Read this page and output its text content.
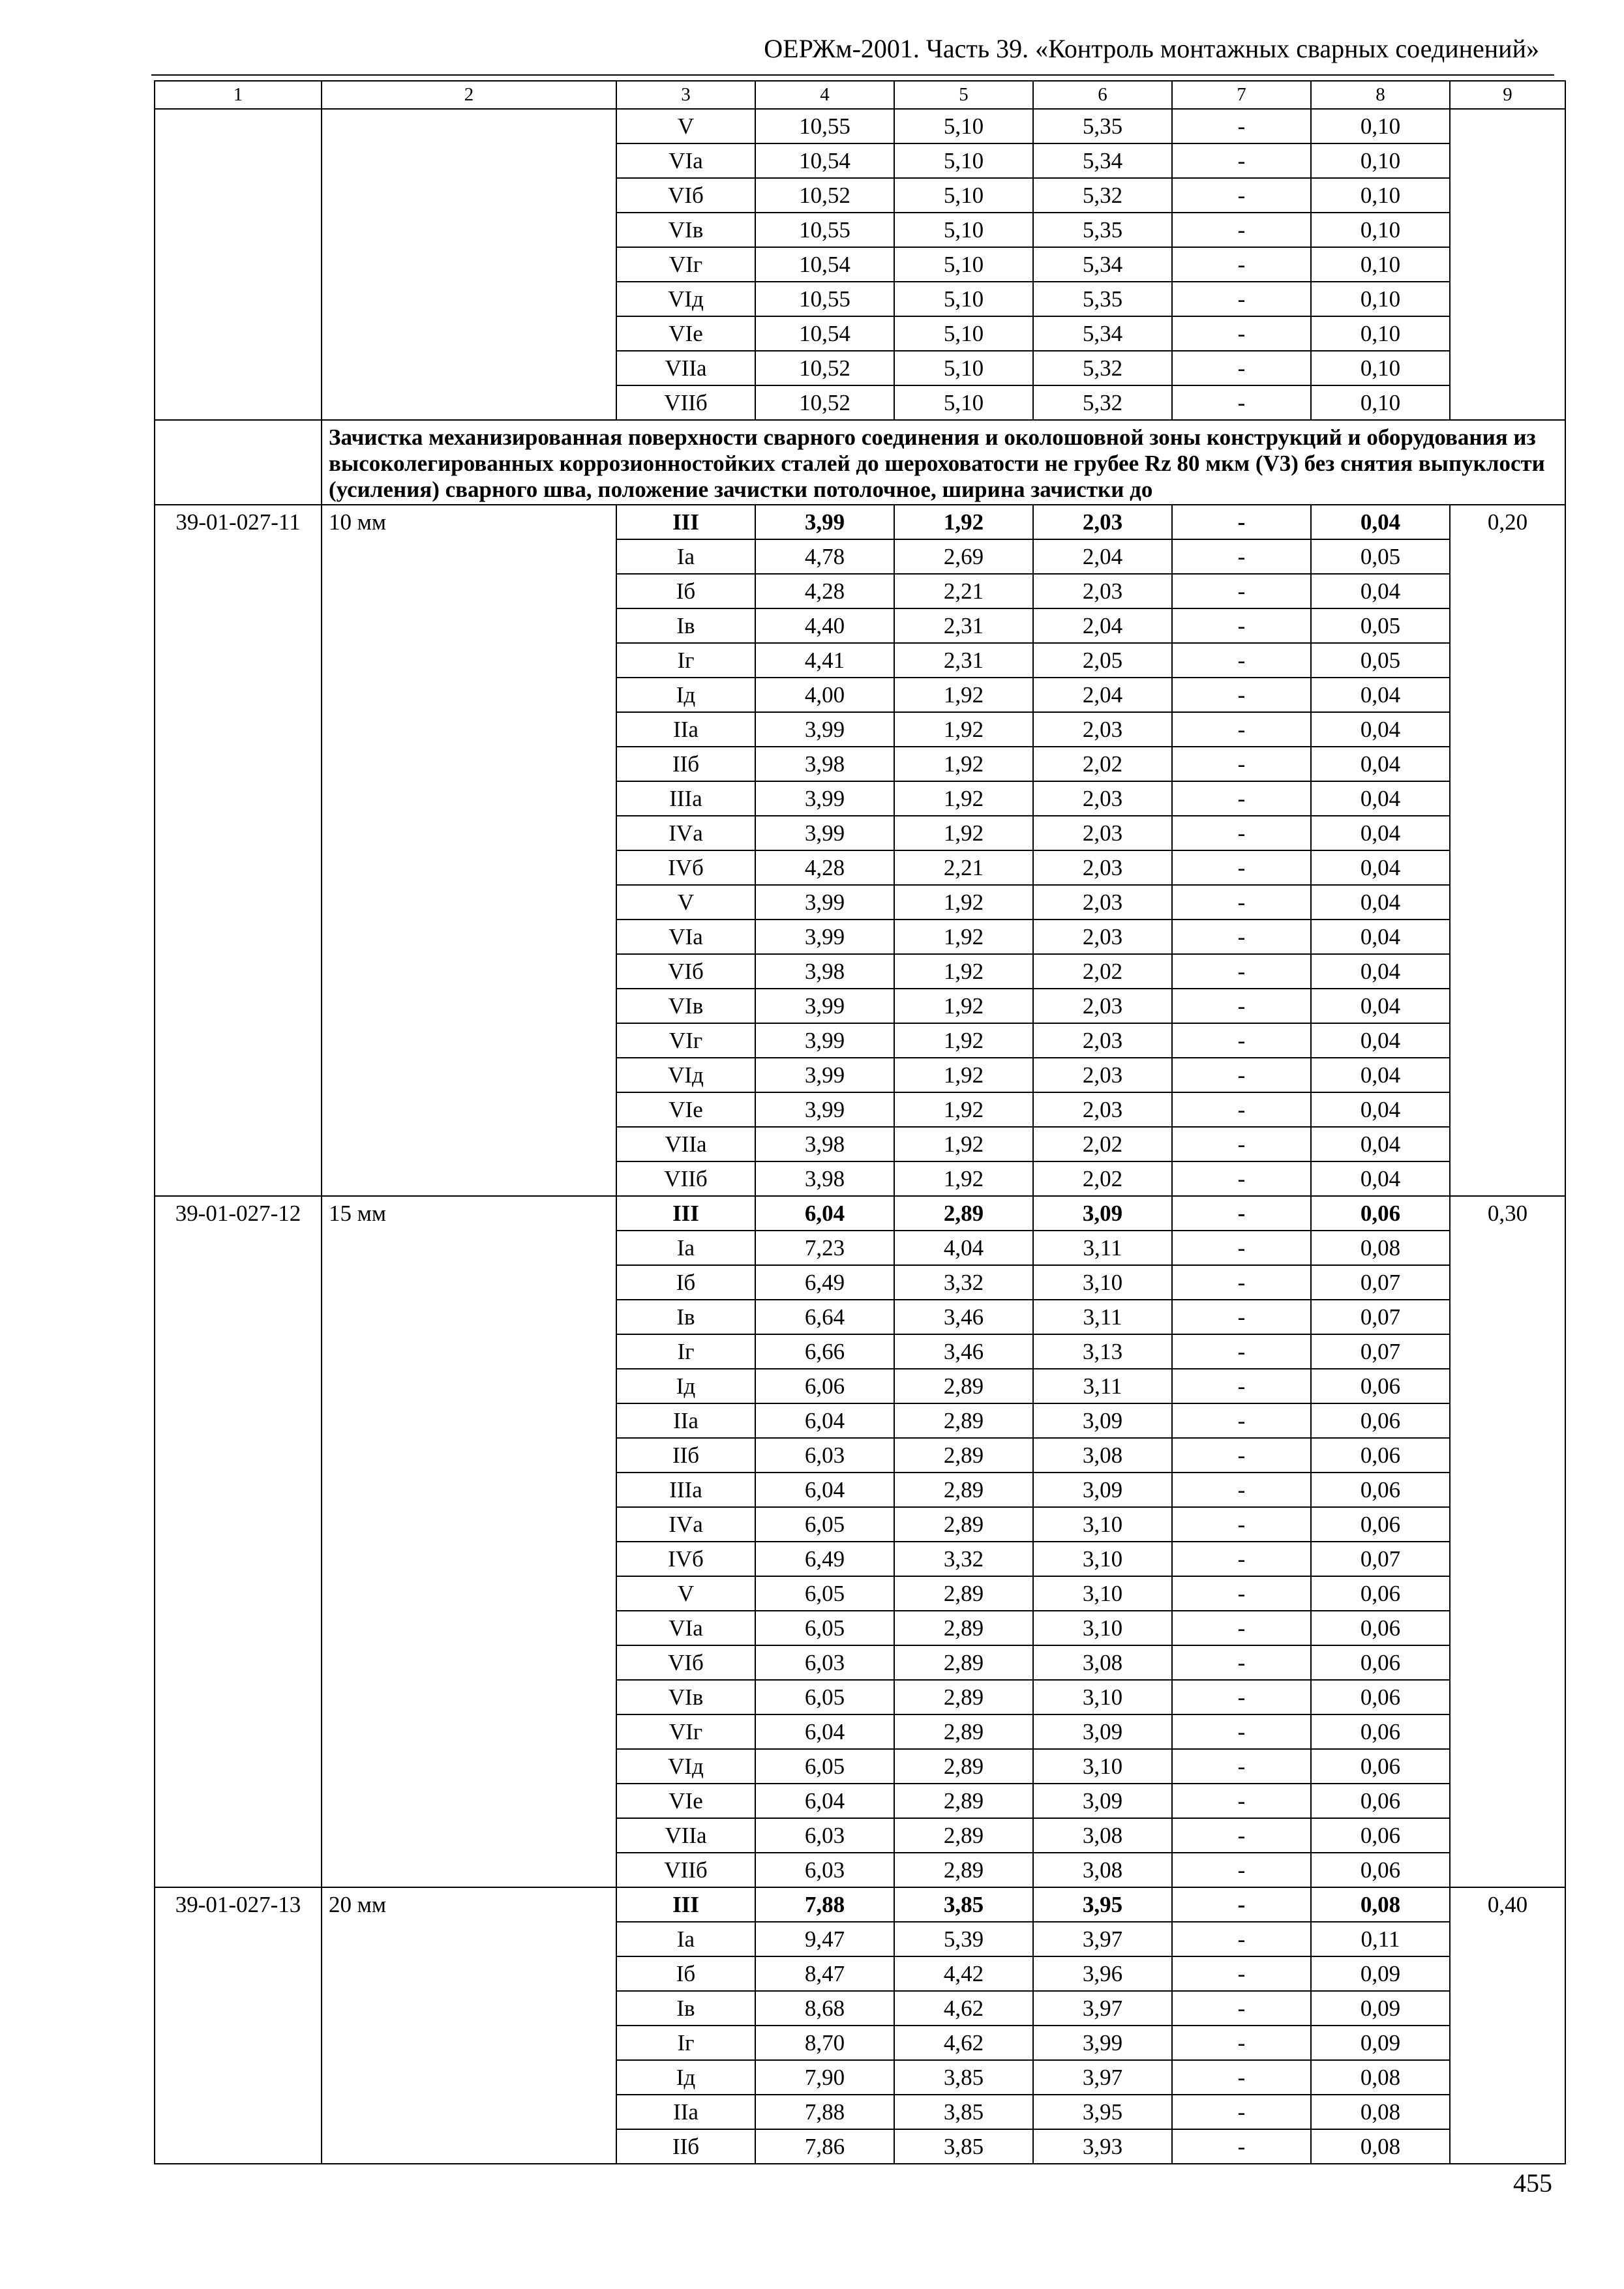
ОЕРЖм-2001. Часть 39. «Контроль монтажных сварных соединений»
1	2	3	4	5	6	7	8	9
		V	10,55	5,10	5,35	-	0,10	
		VIа	10,54	5,10	5,34	-	0,10	
		VIб	10,52	5,10	5,32	-	0,10	
		VIв	10,55	5,10	5,35	-	0,10	
		VIг	10,54	5,10	5,34	-	0,10	
		VIд	10,55	5,10	5,35	-	0,10	
		VIе	10,54	5,10	5,34	-	0,10	
		VIIа	10,52	5,10	5,32	-	0,10	
		VIIб	10,52	5,10	5,32	-	0,10	
	Зачистка механизированная поверхности сварного соединения и околошовной зоны конструкций и оборудования из высоколегированных коррозионностойких сталей до шероховатости не грубее Rz 80 мкм (V3) без снятия выпуклости (усиления) сварного шва, положение зачистки потолочное, ширина зачистки до							
39-01-027-11	10 мм	III	3,99	1,92	2,03	-	0,04	0,20
		Iа	4,78	2,69	2,04	-	0,05	
		Iб	4,28	2,21	2,03	-	0,04	
		Iв	4,40	2,31	2,04	-	0,05	
		Iг	4,41	2,31	2,05	-	0,05	
		Iд	4,00	1,92	2,04	-	0,04	
		IIа	3,99	1,92	2,03	-	0,04	
		IIб	3,98	1,92	2,02	-	0,04	
		IIIа	3,99	1,92	2,03	-	0,04	
		IVа	3,99	1,92	2,03	-	0,04	
		IVб	4,28	2,21	2,03	-	0,04	
		V	3,99	1,92	2,03	-	0,04	
		VIа	3,99	1,92	2,03	-	0,04	
		VIб	3,98	1,92	2,02	-	0,04	
		VIв	3,99	1,92	2,03	-	0,04	
		VIг	3,99	1,92	2,03	-	0,04	
		VIд	3,99	1,92	2,03	-	0,04	
		VIе	3,99	1,92	2,03	-	0,04	
		VIIа	3,98	1,92	2,02	-	0,04	
		VIIб	3,98	1,92	2,02	-	0,04	
39-01-027-12	15 мм	III	6,04	2,89	3,09	-	0,06	0,30
		Iа	7,23	4,04	3,11	-	0,08	
		Iб	6,49	3,32	3,10	-	0,07	
		Iв	6,64	3,46	3,11	-	0,07	
		Iг	6,66	3,46	3,13	-	0,07	
		Iд	6,06	2,89	3,11	-	0,06	
		IIа	6,04	2,89	3,09	-	0,06	
		IIб	6,03	2,89	3,08	-	0,06	
		IIIа	6,04	2,89	3,09	-	0,06	
		IVа	6,05	2,89	3,10	-	0,06	
		IVб	6,49	3,32	3,10	-	0,07	
		V	6,05	2,89	3,10	-	0,06	
		VIа	6,05	2,89	3,10	-	0,06	
		VIб	6,03	2,89	3,08	-	0,06	
		VIв	6,05	2,89	3,10	-	0,06	
		VIг	6,04	2,89	3,09	-	0,06	
		VIд	6,05	2,89	3,10	-	0,06	
		VIе	6,04	2,89	3,09	-	0,06	
		VIIа	6,03	2,89	3,08	-	0,06	
		VIIб	6,03	2,89	3,08	-	0,06	
39-01-027-13	20 мм	III	7,88	3,85	3,95	-	0,08	0,40
		Iа	9,47	5,39	3,97	-	0,11	
		Iб	8,47	4,42	3,96	-	0,09	
		Iв	8,68	4,62	3,97	-	0,09	
		Iг	8,70	4,62	3,99	-	0,09	
		Iд	7,90	3,85	3,97	-	0,08	
		IIа	7,88	3,85	3,95	-	0,08	
		IIб	7,86	3,85	3,93	-	0,08	
455
